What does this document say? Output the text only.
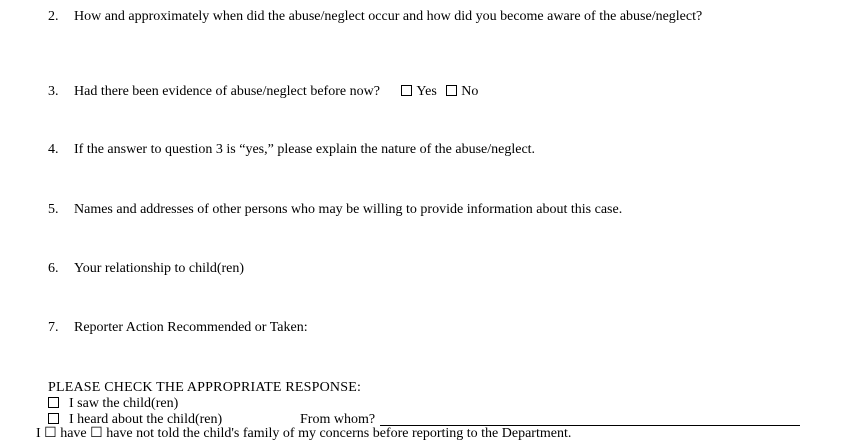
2. How and approximately when did the abuse/neglect occur and how did you become aware of the abuse/neglect?
3. Had there been evidence of abuse/neglect before now?	Yes No
4. If the answer to question 3 is “yes,” please explain the nature of the abuse/neglect.
5. Names and addresses of other persons who may be willing to provide information about this case.
6. Your relationship to child(ren)
7. Reporter Action Recommended or Taken:
PLEASE CHECK THE APPROPRIATE RESPONSE:
I saw the child(ren)
I heard about the child(ren)	From whom?
I ☐ have ☐ have not told the child's family of my concerns before reporting to the Department.
